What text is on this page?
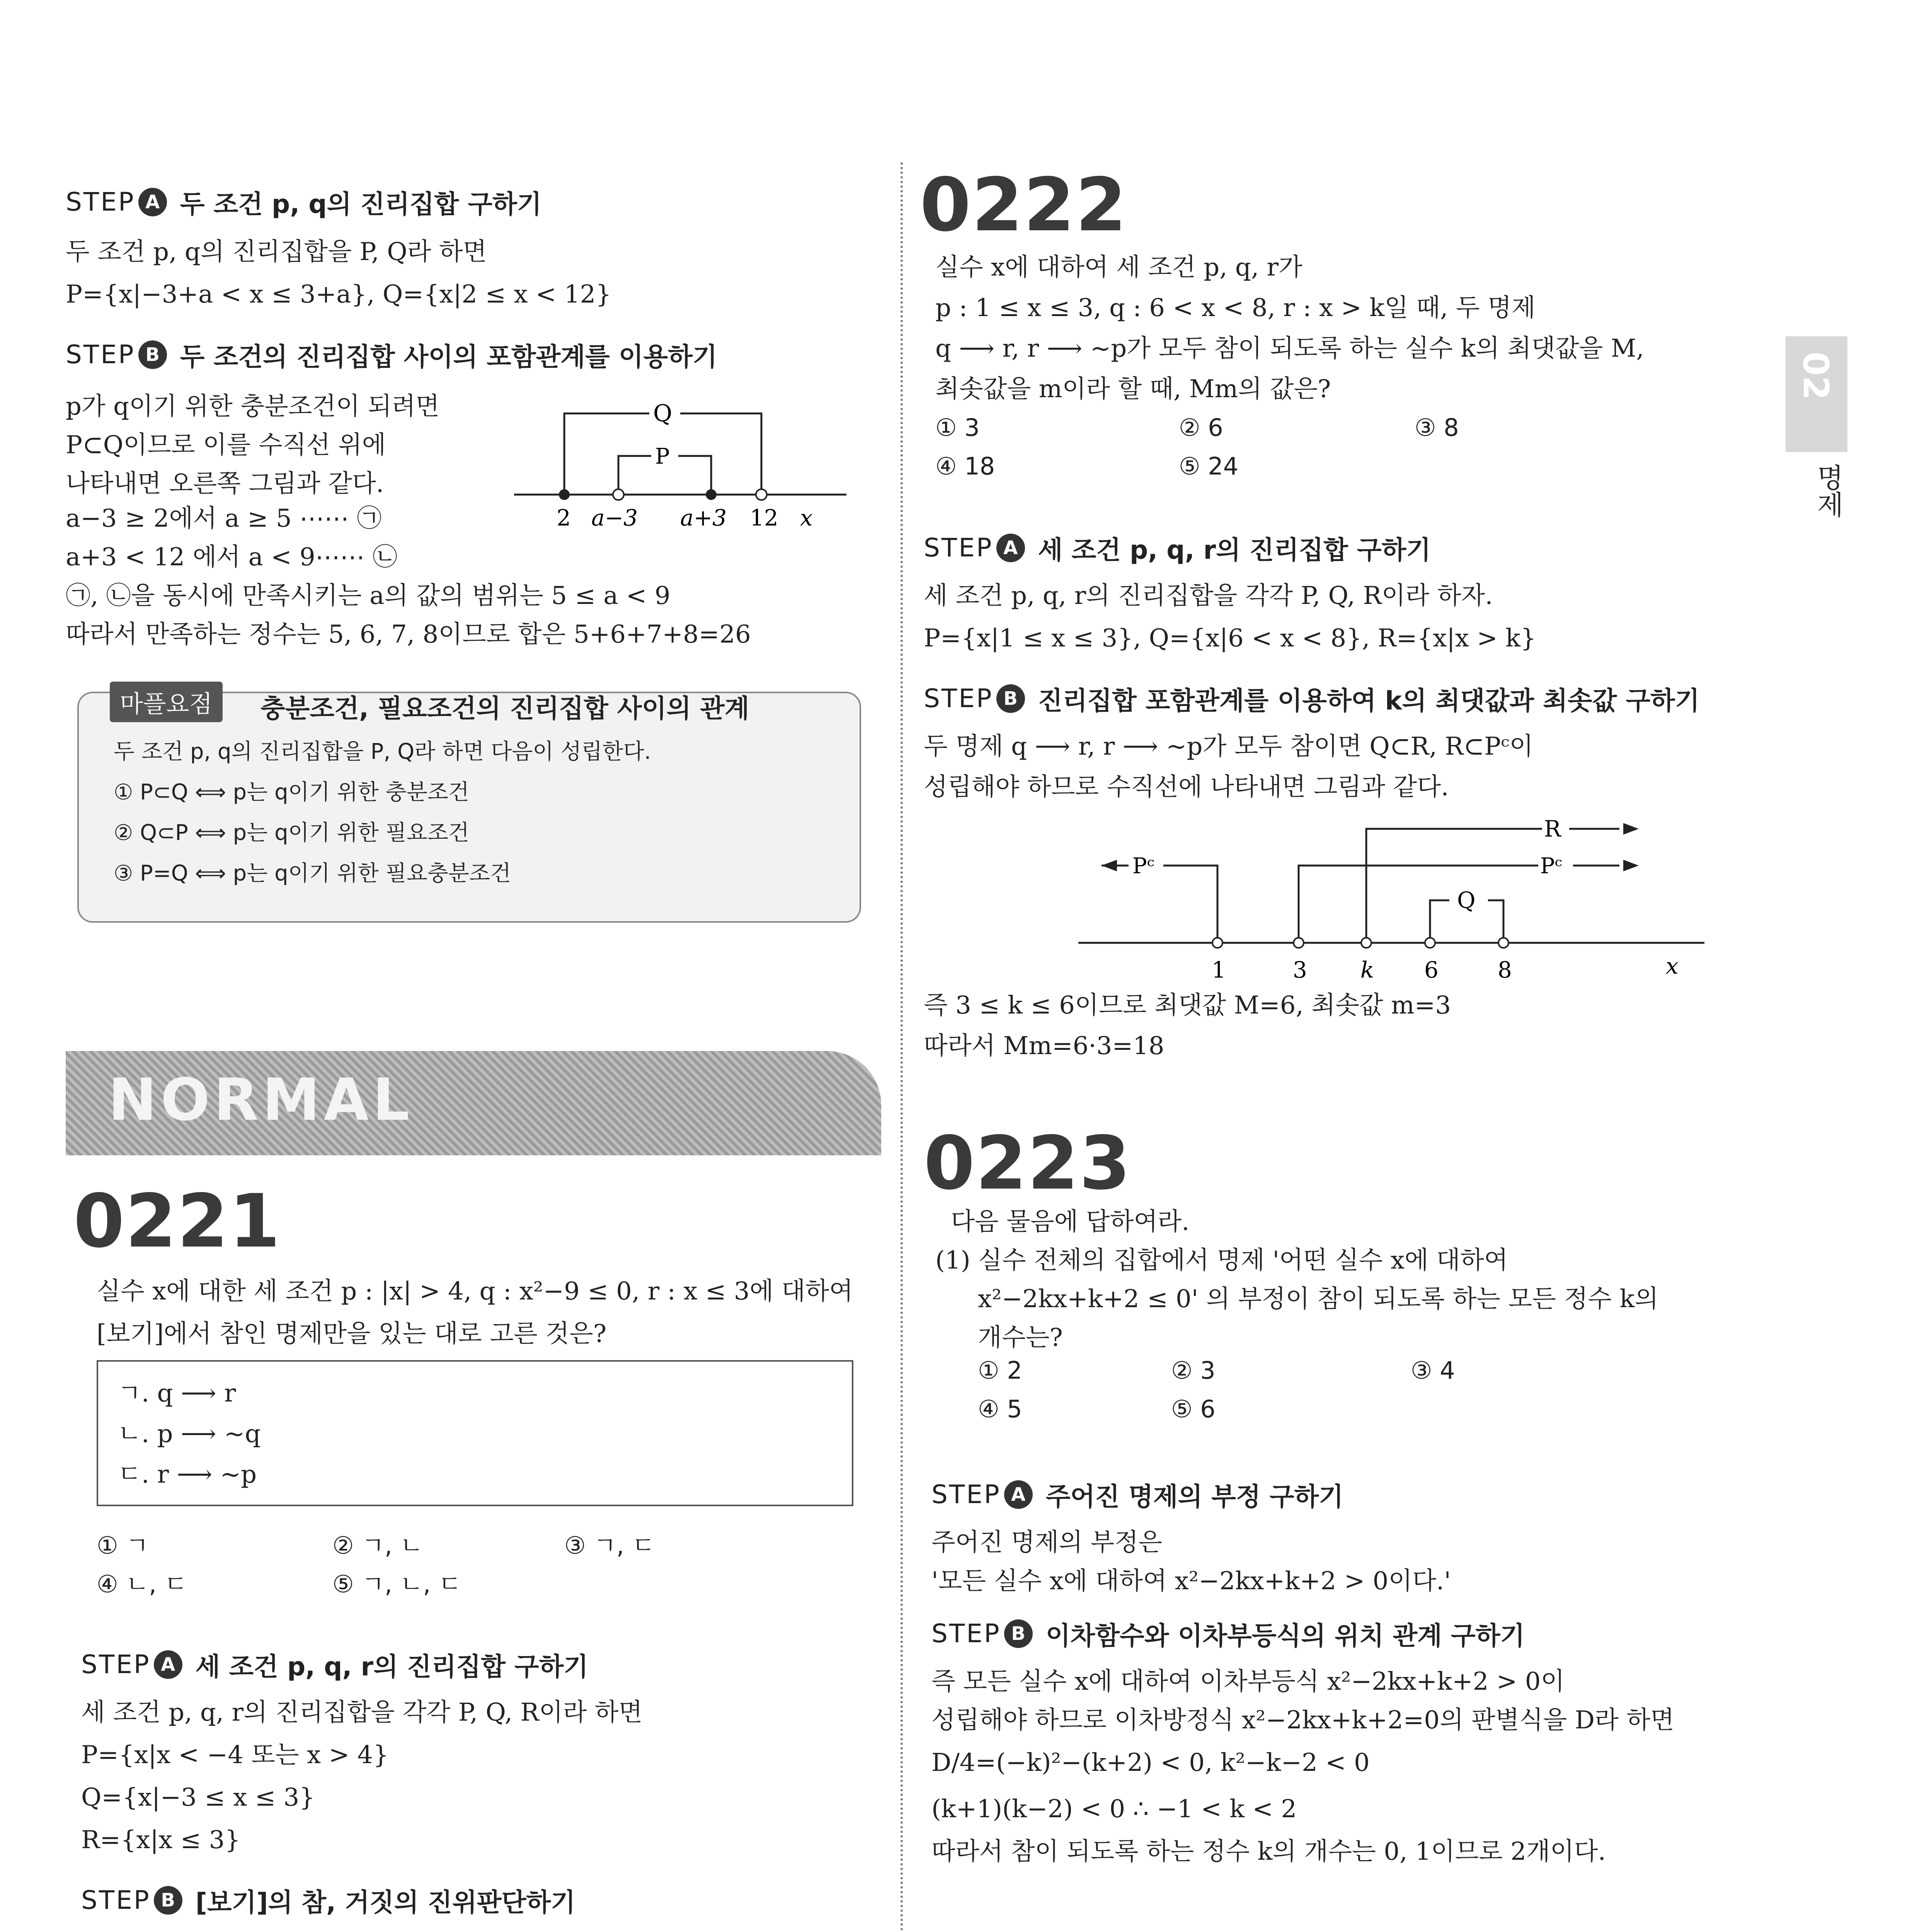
STEP A 두 조건 p, q의 진리집합 구하기
두 조건 p, q의 진리집합을 P, Q라 하면
P={x|−3+a < x ≤ 3+a}, Q={x|2 ≤ x < 12}
STEP B 두 조건의 진리집합 사이의 포함관계를 이용하기
p가 q이기 위한 충분조건이 되려면
P⊂Q이므로 이를 수직선 위에
나타내면 오른쪽 그림과 같다.
a−3 ≥ 2에서 a ≥ 5 ⋯⋯ ㉠
a+3 < 12 에서 a < 9⋯⋯ ㉡
㉠, ㉡을 동시에 만족시키는 a의 값의 범위는 5 ≤ a < 9
따라서 만족하는 정수는 5, 6, 7, 8이므로 합은 5+6+7+8=26
Q
P
2 a−3 a+3 12 x
마플요점	충분조건, 필요조건의 진리집합 사이의 관계
두 조건 p, q의 진리집합을 P, Q라 하면 다음이 성립한다.
① P⊂Q ⟺ p는 q이기 위한 충분조건
② Q⊂P ⟺ p는 q이기 위한 필요조건
③ P=Q ⟺ p는 q이기 위한 필요충분조건
NORMAL
0221
실수 x에 대한 세 조건 p : |x| > 4, q : x²−9 ≤ 0, r : x ≤ 3에 대하여
[보기]에서 참인 명제만을 있는 대로 고른 것은?
ㄱ. q ⟶ r
ㄴ. p ⟶ ~q
ㄷ. r ⟶ ~p
① ㄱ	② ㄱ, ㄴ	③ ㄱ, ㄷ
④ ㄴ, ㄷ	⑤ ㄱ, ㄴ, ㄷ
STEP A 세 조건 p, q, r의 진리집합 구하기
세 조건 p, q, r의 진리집합을 각각 P, Q, R이라 하면
P={x|x < −4 또는 x > 4}
Q={x|−3 ≤ x ≤ 3}
R={x|x ≤ 3}
STEP B [보기]의 참, 거짓의 진위판단하기
0222
실수 x에 대하여 세 조건 p, q, r가
p : 1 ≤ x ≤ 3, q : 6 < x < 8, r : x > k일 때, 두 명제
q ⟶ r, r ⟶ ~p가 모두 참이 되도록 하는 실수 k의 최댓값을 M,
최솟값을 m이라 할 때, Mm의 값은?
① 3	② 6	③ 8
④ 18	⑤ 24
STEP A 세 조건 p, q, r의 진리집합 구하기
세 조건 p, q, r의 진리집합을 각각 P, Q, R이라 하자.
P={x|1 ≤ x ≤ 3}, Q={x|6 < x < 8}, R={x|x > k}
STEP B 진리집합 포함관계를 이용하여 k의 최댓값과 최솟값 구하기
두 명제 q ⟶ r, r ⟶ ~p가 모두 참이면 Q⊂R, R⊂Pᶜ이
성립해야 하므로 수직선에 나타내면 그림과 같다.
R
Pᶜ	Pᶜ
Q
1	3 k 6	8	x
즉 3 ≤ k ≤ 6이므로 최댓값 M=6, 최솟값 m=3
따라서 Mm=6·3=18
0223
다음 물음에 답하여라.
(1) 실수 전체의 집합에서 명제 '어떤 실수 x에 대하여
x²−2kx+k+2 ≤ 0' 의 부정이 참이 되도록 하는 모든 정수 k의
개수는?
① 2	② 3	③ 4
④ 5	⑤ 6
STEP A 주어진 명제의 부정 구하기
주어진 명제의 부정은
'모든 실수 x에 대하여 x²−2kx+k+2 > 0이다.'
STEP B 이차함수와 이차부등식의 위치 관계 구하기
즉 모든 실수 x에 대하여 이차부등식 x²−2kx+k+2 > 0이
성립해야 하므로 이차방정식 x²−2kx+k+2=0의 판별식을 D라 하면
D/4=(−k)²−(k+2) < 0, k²−k−2 < 0
(k+1)(k−2) < 0 ∴ −1 < k < 2
따라서 참이 되도록 하는 정수 k의 개수는 0, 1이므로 2개이다.
02
명제
